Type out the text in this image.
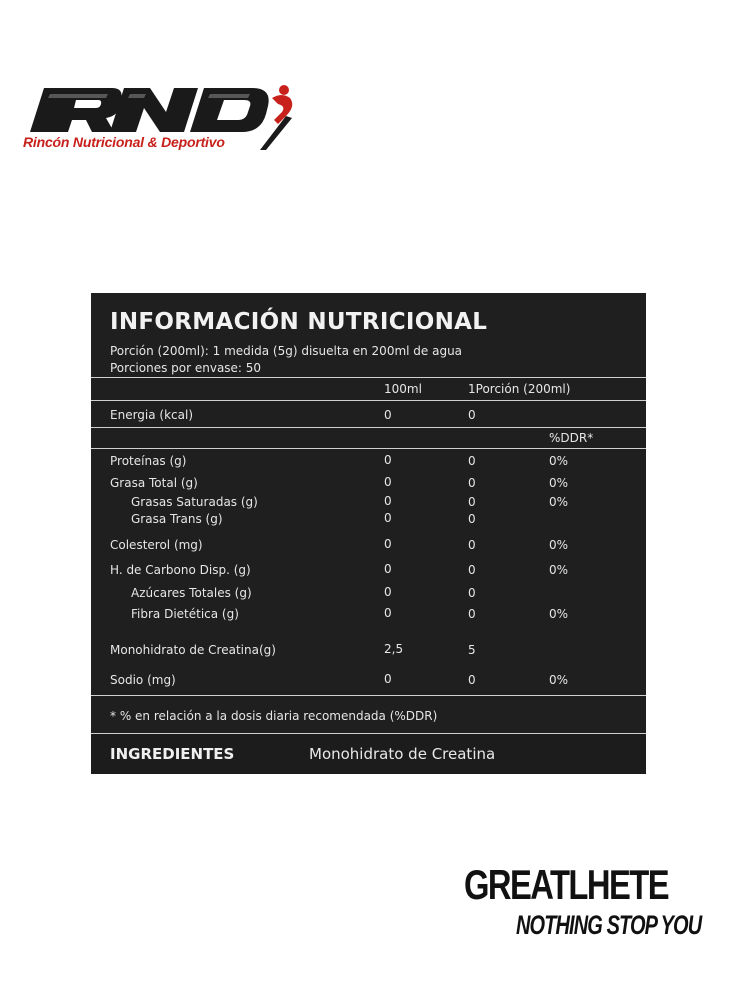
Rincón Nutricional & Deportivo
INFORMACIÓN NUTRICIONAL
Porción (200ml): 1 medida (5g) disuelta en 200ml de agua
Porciones por envase: 50
100ml	1Porción (200ml)
Energia (kcal)	0	0
%DDR*
Proteínas (g)	0	0	0%
Grasa Total (g)	0	0	0%
Grasas Saturadas (g)	0	0	0%
Grasa Trans (g)	0	0
Colesterol (mg)	0	0	0%
H. de Carbono Disp. (g)	0	0	0%
Azúcares Totales (g)	0	0
Fibra Dietética (g)	0	0	0%
Monohidrato de Creatina(g)	2,5	5
Sodio (mg)	0	0	0%
* % en relación a la dosis diaria recomendada (%DDR)
INGREDIENTES	Monohidrato de Creatina
GREATLHETE
NOTHING STOP YOU
